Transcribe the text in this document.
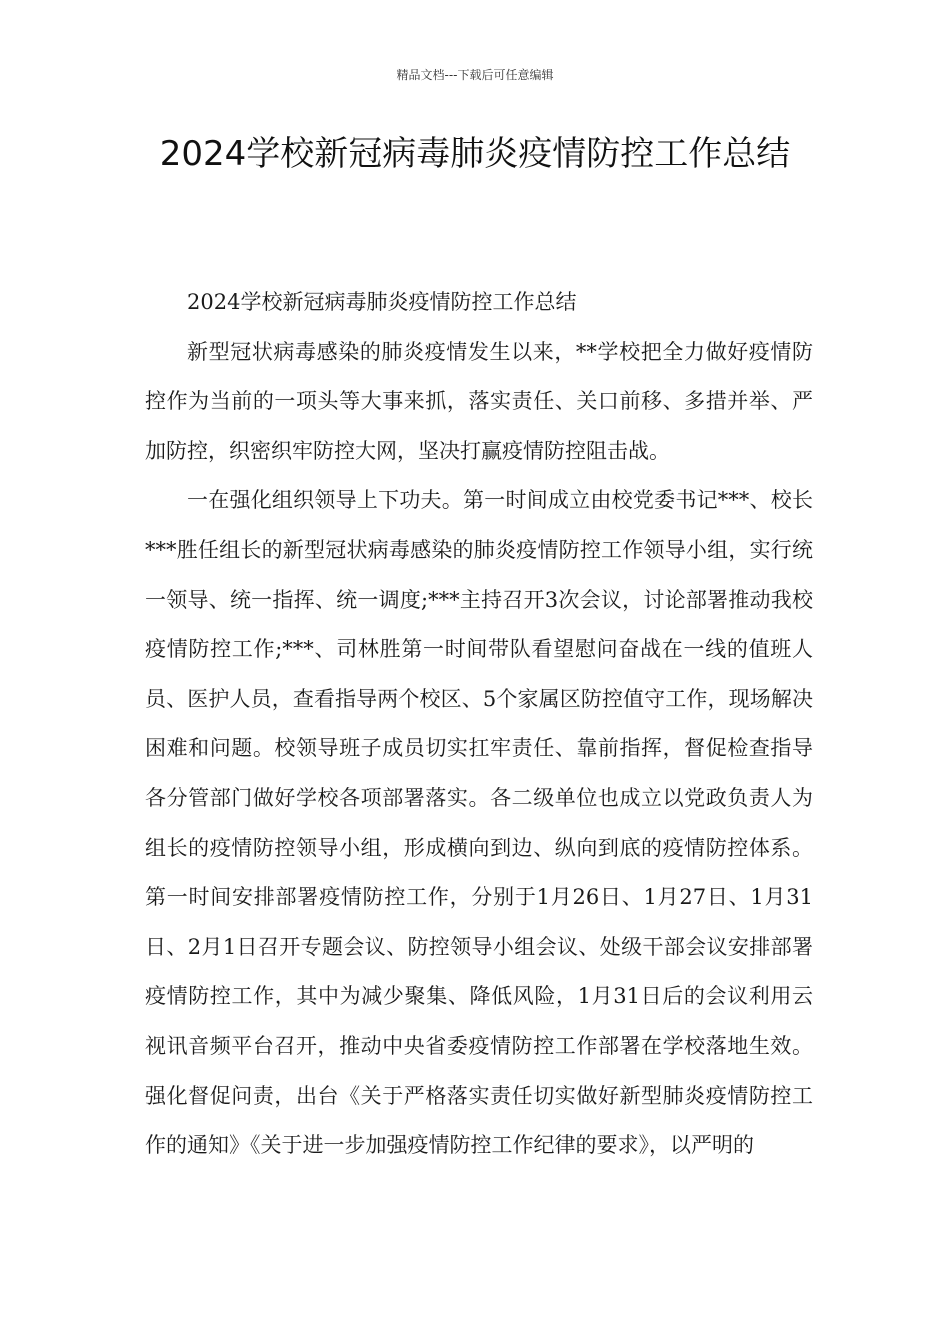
精品文档---下载后可任意编辑
2024学校新冠病毒肺炎疫情防控工作总结

2024学校新冠病毒肺炎疫情防控工作总结

新型冠状病毒感染的肺炎疫情发生以来，**学校把全力做好疫情防控作为当前的一项头等大事来抓，落实责任、关口前移、多措并举、严加防控，织密织牢防控大网，坚决打赢疫情防控阻击战。

一在强化组织领导上下功夫。第一时间成立由校党委书记***、校长***胜任组长的新型冠状病毒感染的肺炎疫情防控工作领导小组，实行统一领导、统一指挥、统一调度;***主持召开3次会议，讨论部署推动我校疫情防控工作;***、司林胜第一时间带队看望慰问奋战在一线的值班人员、医护人员，查看指导两个校区、5个家属区防控值守工作，现场解决困难和问题。校领导班子成员切实扛牢责任、靠前指挥，督促检查指导各分管部门做好学校各项部署落实。各二级单位也成立以党政负责人为组长的疫情防控领导小组，形成横向到边、纵向到底的疫情防控体系。第一时间安排部署疫情防控工作，分别于1月26日、1月27日、1月31日、2月1日召开专题会议、防控领导小组会议、处级干部会议安排部署疫情防控工作，其中为减少聚集、降低风险，1月31日后的会议利用云视讯音频平台召开，推动中央省委疫情防控工作部署在学校落地生效。强化督促问责，出台《关于严格落实责任切实做好新型肺炎疫情防控工作的通知》《关于进一步加强疫情防控工作纪律的要求》，以严明的
